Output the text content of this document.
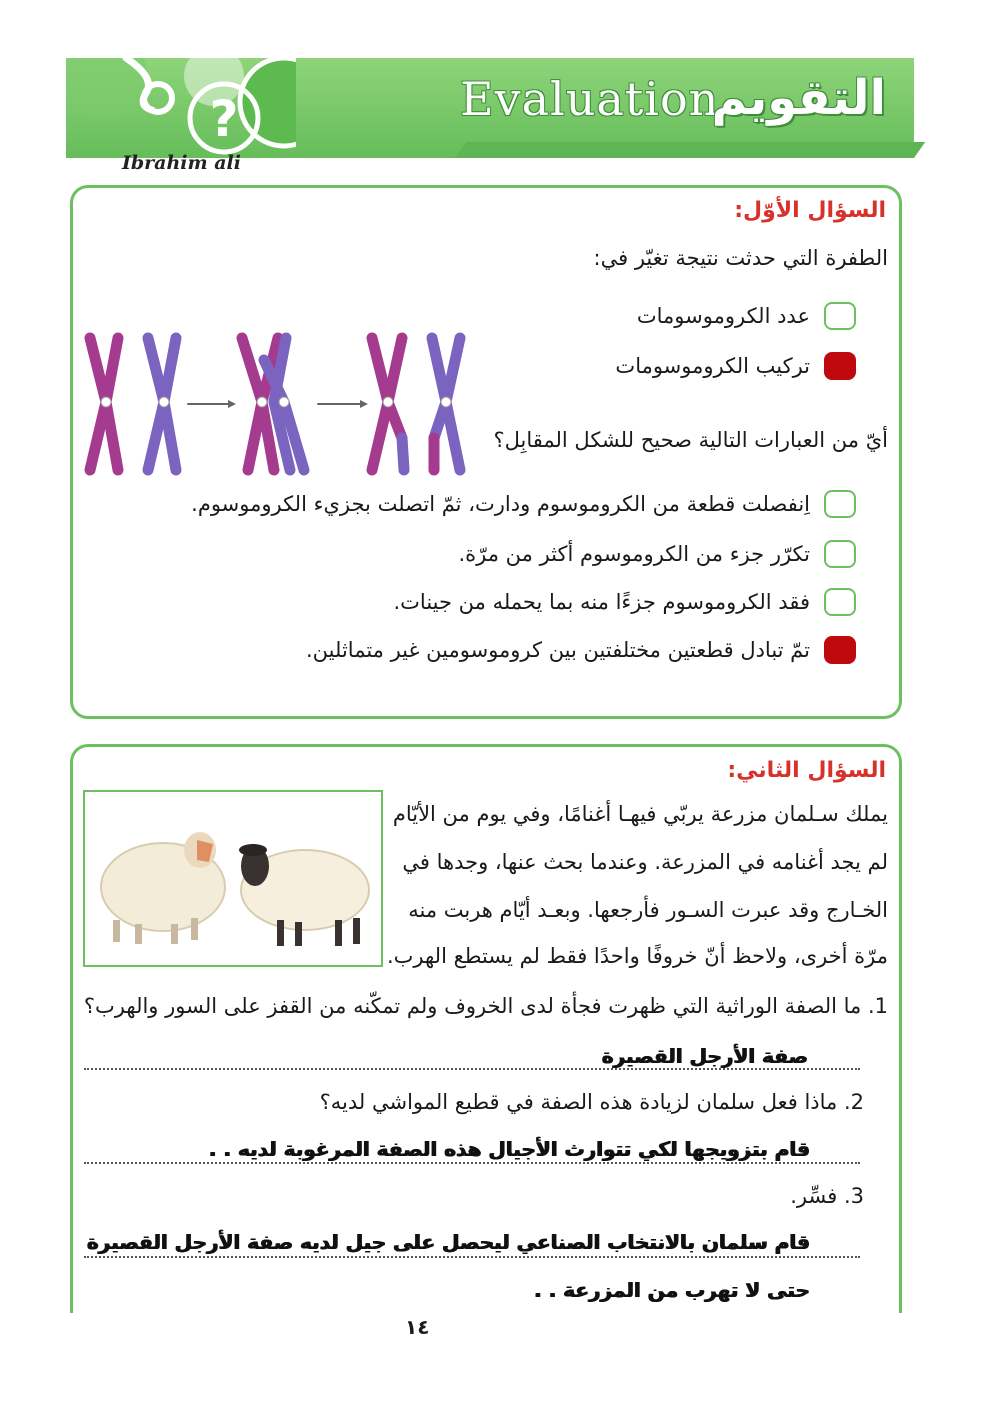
?	Evaluation
التقويم
Ibrahim ali
السؤال الأوّل:
الطفرة التي حدثت نتيجة تغيّر في:
عدد الكروموسومات
تركيب الكروموسومات
أيّ من العبارات التالية صحيح للشكل المقابِل؟
اِنفصلت قطعة من الكروموسوم ودارت، ثمّ اتصلت بجزيء الكروموسوم.
تكرّر جزء من الكروموسوم أكثر من مرّة.
فقد الكروموسوم جزءًا منه بما يحمله من جينات.
تمّ تبادل قطعتين مختلفتين بين كروموسومين غير متماثلين.
السؤال الثاني:
يملك سـلمان مزرعة يربّي فيهـا أغنامًا، وفي يوم من الأيّام
لم يجد أغنامه في المزرعة. وعندما بحث عنها، وجدها في
الخـارج وقد عبرت السـور فأرجعها. وبعـد أيّام هربت منه
مرّة أخرى، ولاحظ أنّ خروفًا واحدًا فقط لم يستطع الهرب.
1. ما الصفة الوراثية التي ظهرت فجأة لدى الخروف ولم تمكّنه من القفز على السور والهرب؟
صفة الأرجل القصيرة
2. ماذا فعل سلمان لزيادة هذه الصفة في قطيع المواشي لديه؟
قام بتزويجها لكي تتوارث الأجيال هذه الصفة المرغوبة لديه . .
3. فسِّر.
قام سلمان بالانتخاب الصناعي ليحصل على جيل لديه صفة الأرجل القصيرة
حتى لا تهرب من المزرعة . .
١٤
